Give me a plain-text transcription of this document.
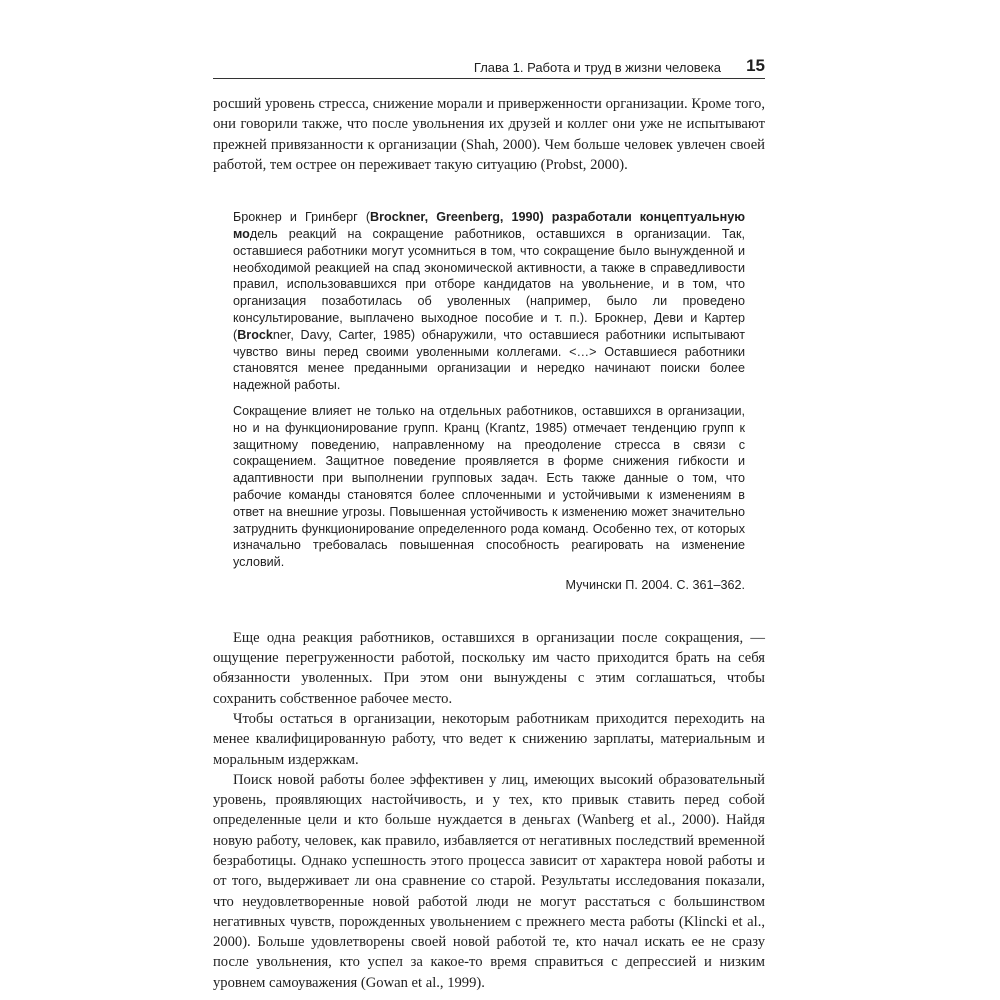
Глава 1. Работа и труд в жизни человека 15

росший уровень стресса, снижение морали и приверженности организации. Кроме того, они говорили также, что после увольнения их друзей и коллег они уже не испытывают прежней привязанности к организации (Shah, 2000). Чем больше человек увлечен своей работой, тем острее он переживает такую ситуацию (Probst, 2000).

Брокнер и Гринберг (Brockner, Greenberg, 1990) разработали концептуальную модель реакций на сокращение работников, оставшихся в организации. Так, оставшиеся работники могут усомниться в том, что сокращение было вынужденной и необходимой реакцией на спад экономической активности, а также в справедливости правил, использовавшихся при отборе кандидатов на увольнение, и в том, что организация позаботилась об уволенных (например, было ли проведено консультирование, выплачено выходное пособие и т. п.). Брокнер, Деви и Картер (Brockner, Davy, Carter, 1985) обнаружили, что оставшиеся работники испытывают чувство вины перед своими уволенными коллегами. <…> Оставшиеся работники становятся менее преданными организации и нередко начинают поиски более надежной работы.

Сокращение влияет не только на отдельных работников, оставшихся в организации, но и на функционирование групп. Кранц (Krantz, 1985) отмечает тенденцию групп к защитному поведению, направленному на преодоление стресса в связи с сокращением. Защитное поведение проявляется в форме снижения гибкости и адаптивности при выполнении групповых задач. Есть также данные о том, что рабочие команды становятся более сплоченными и устойчивыми к изменениям в ответ на внешние угрозы. Повышенная устойчивость к изменению может значительно затруднить функционирование определенного рода команд. Особенно тех, от которых изначально требовалась повышенная способность реагировать на изменение условий.

Мучински П. 2004. С. 361–362.

Еще одна реакция работников, оставшихся в организации после сокращения, — ощущение перегруженности работой, поскольку им часто приходится брать на себя обязанности уволенных. При этом они вынуждены с этим соглашаться, чтобы сохранить собственное рабочее место.

Чтобы остаться в организации, некоторым работникам приходится переходить на менее квалифицированную работу, что ведет к снижению зарплаты, материальным и моральным издержкам.

Поиск новой работы более эффективен у лиц, имеющих высокий образовательный уровень, проявляющих настойчивость, и у тех, кто привык ставить перед собой определенные цели и кто больше нуждается в деньгах (Wanberg et al., 2000). Найдя новую работу, человек, как правило, избавляется от негативных последствий временной безработицы. Однако успешность этого процесса зависит от характера новой работы и от того, выдерживает ли она сравнение со старой. Результаты исследования показали, что неудовлетворенные новой работой люди не могут расстаться с большинством негативных чувств, порожденных увольнением с прежнего места работы (Klincki et al., 2000). Больше удовлетворены своей новой работой те, кто начал искать ее не сразу после увольнения, кто успел за какое-то время справиться с депрессией и низким уровнем самоуважения (Gowan et al., 1999).
